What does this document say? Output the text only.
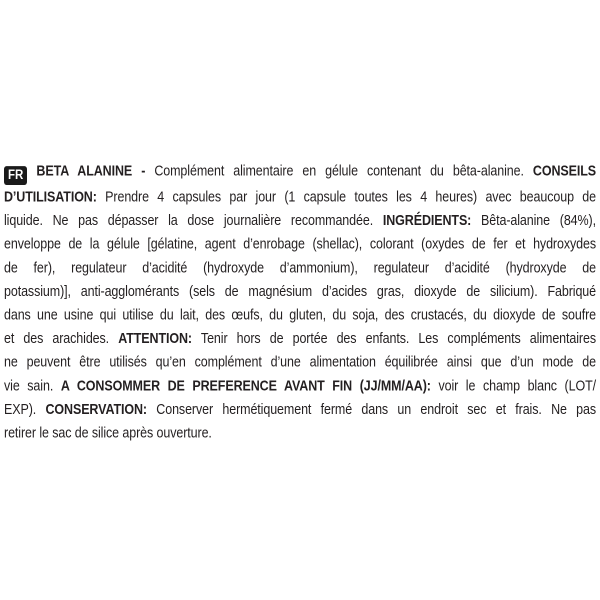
FR BETA ALANINE - Complément alimentaire en gélule contenant du bêta-alanine. CONSEILS
D’UTILISATION: Prendre 4 capsules par jour (1 capsule toutes les 4 heures) avec beaucoup de
liquide. Ne pas dépasser la dose journalière recommandée. INGRÉDIENTS: Bêta-alanine (84%),
enveloppe de la gélule [gélatine, agent d’enrobage (shellac), colorant (oxydes de fer et hydroxydes
de fer), regulateur d’acidité (hydroxyde d’ammonium), regulateur d’acidité (hydroxyde de
potassium)], anti-agglomérants (sels de magnésium d’acides gras, dioxyde de silicium). Fabriqué
dans une usine qui utilise du lait, des œufs, du gluten, du soja, des crustacés, du dioxyde de soufre
et des arachides. ATTENTION: Tenir hors de portée des enfants. Les compléments alimentaires
ne peuvent être utilisés qu’en complément d’une alimentation équilibrée ainsi que d’un mode de
vie sain. A CONSOMMER DE PREFERENCE AVANT FIN (JJ/MM/AA): voir le champ blanc (LOT/
EXP). CONSERVATION: Conserver hermétiquement fermé dans un endroit sec et frais. Ne pas
retirer le sac de silice après ouverture.
